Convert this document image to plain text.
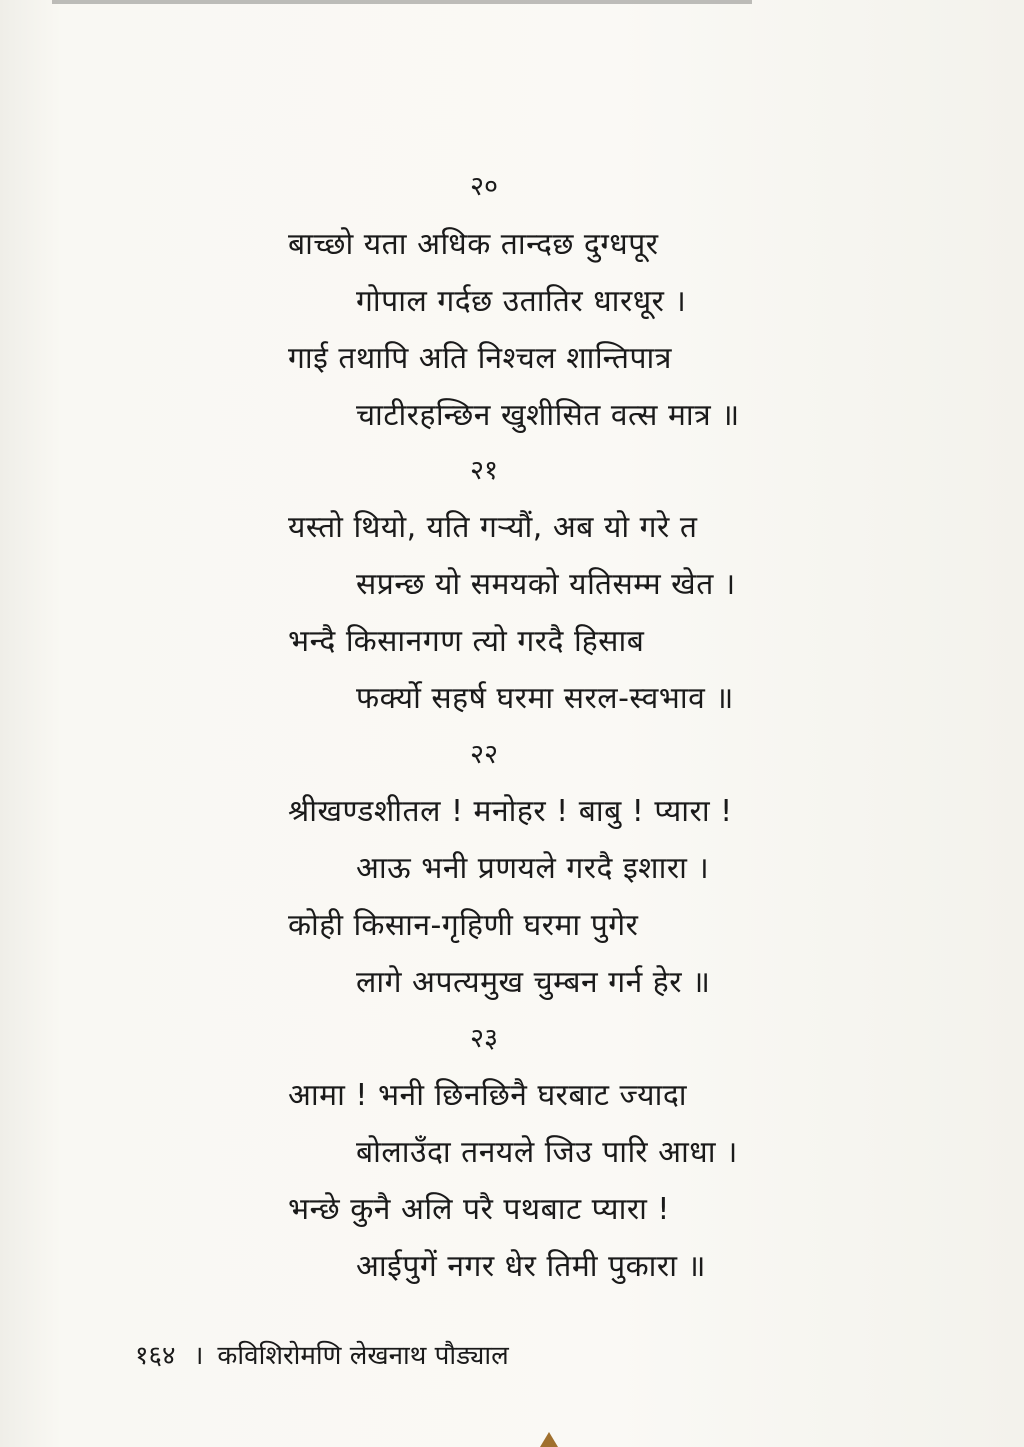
२०
बाच्छो यता अधिक तान्दछ दुग्धपूर
गोपाल गर्दछ उतातिर धारधूर ।
गाई तथापि अति निश्चल शान्तिपात्र
चाटीरहन्छिन खुशीसित वत्स मात्र ॥
२१
यस्तो थियो, यति गऱ्यौं, अब यो गरे त
सप्रन्छ यो समयको यतिसम्म खेत ।
भन्दै किसानगण त्यो गरदै हिसाब
फर्क्यो सहर्ष घरमा सरल-स्वभाव ॥
२२
श्रीखण्डशीतल ! मनोहर ! बाबु ! प्यारा !
आऊ भनी प्रणयले गरदै इशारा ।
कोही किसान-गृहिणी घरमा पुगेर
लागे अपत्यमुख चुम्बन गर्न हेर ॥
२३
आमा ! भनी छिनछिनै घरबाट ज्यादा
बोलाउँदा तनयले जिउ पारि आधा ।
भन्छे कुनै अलि परै पथबाट प्यारा !
आईपुगें नगर धेर तिमी पुकारा ॥
१६४ । कविशिरोमणि लेखनाथ पौड्याल
